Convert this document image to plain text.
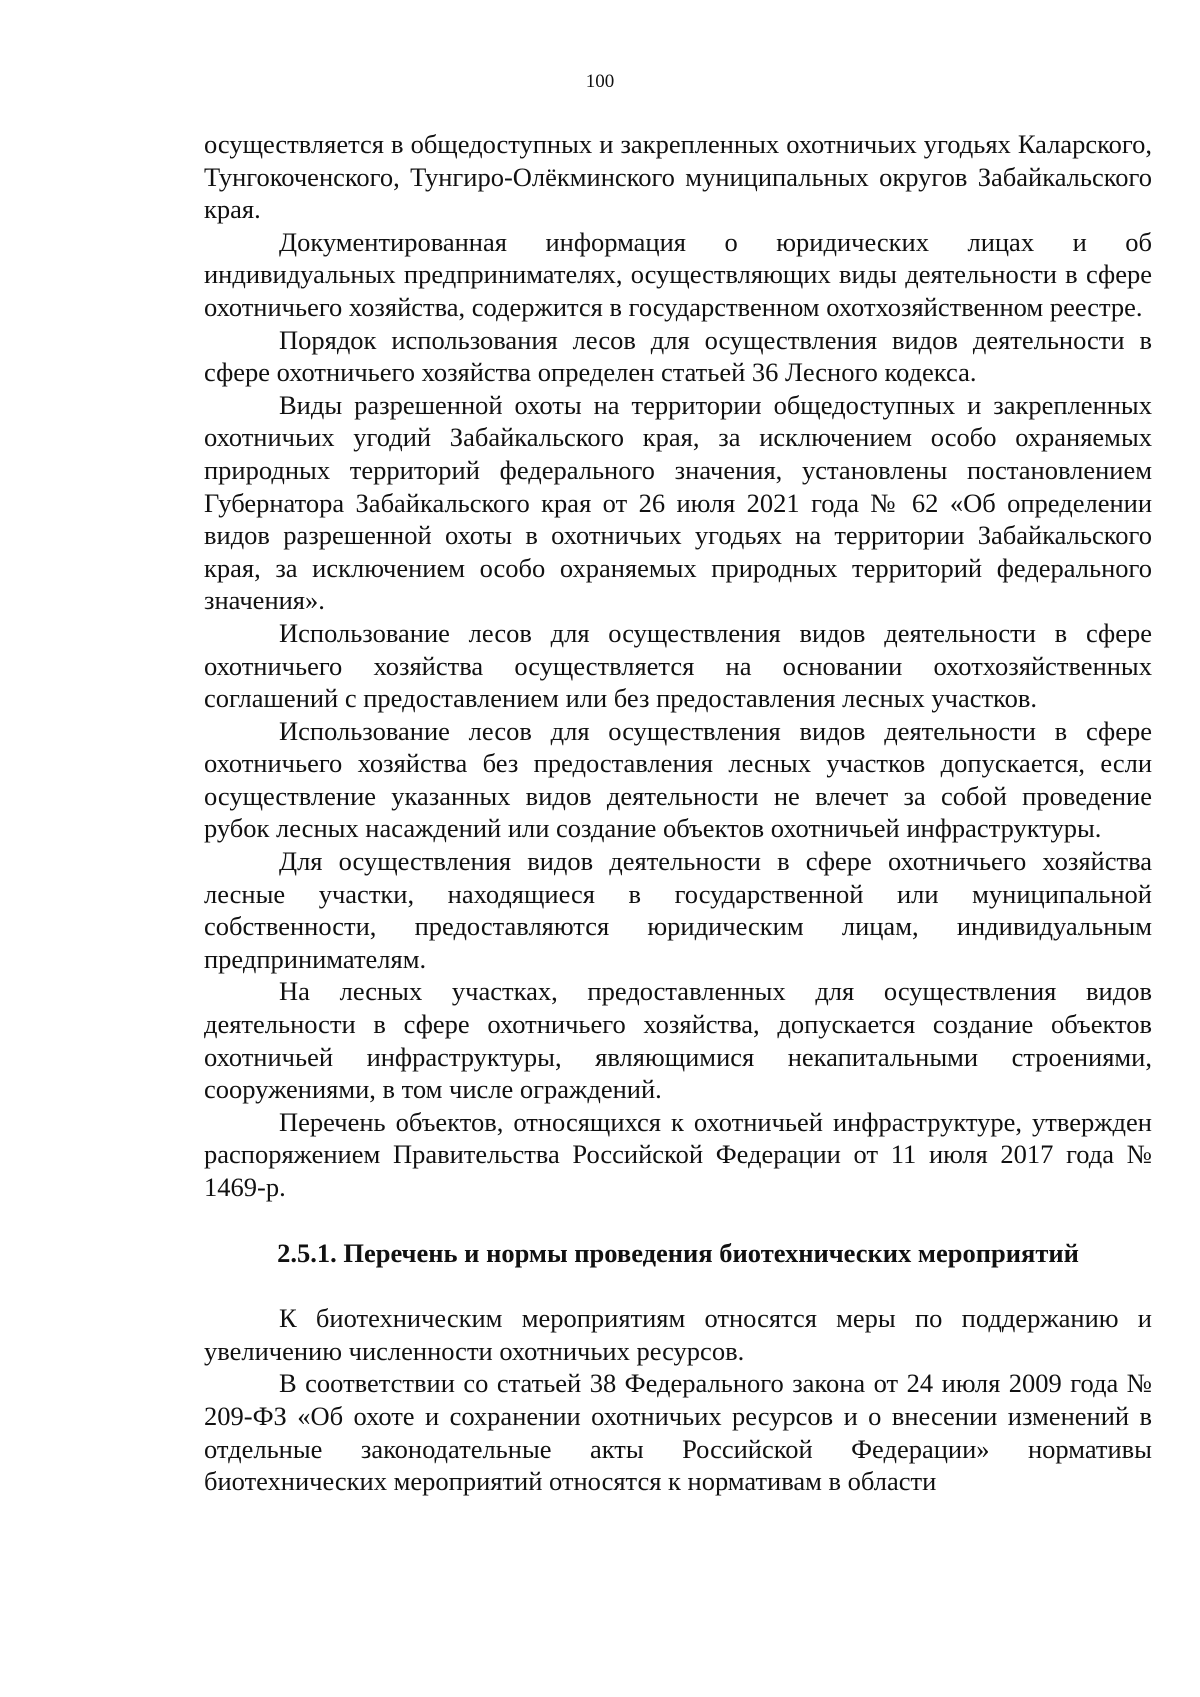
100

осуществляется в общедоступных и закрепленных охотничьих угодьях Каларского, Тунгокоченского, Тунгиро-Олёкминского муниципальных округов Забайкальского края.

Документированная информация о юридических лицах и об индивидуальных предпринимателях, осуществляющих виды деятельности в сфере охотничьего хозяйства, содержится в государственном охотхозяйственном реестре.

Порядок использования лесов для осуществления видов деятельности в сфере охотничьего хозяйства определен статьей 36 Лесного кодекса.

Виды разрешенной охоты на территории общедоступных и закрепленных охотничьих угодий Забайкальского края, за исключением особо охраняемых природных территорий федерального значения, установлены постановлением Губернатора Забайкальского края от 26 июля 2021 года № 62 «Об определении видов разрешенной охоты в охотничьих угодьях на территории Забайкальского края, за исключением особо охраняемых природных территорий федерального значения».

Использование лесов для осуществления видов деятельности в сфере охотничьего хозяйства осуществляется на основании охотхозяйственных соглашений с предоставлением или без предоставления лесных участков.

Использование лесов для осуществления видов деятельности в сфере охотничьего хозяйства без предоставления лесных участков допускается, если осуществление указанных видов деятельности не влечет за собой проведение рубок лесных насаждений или создание объектов охотничьей инфраструктуры.

Для осуществления видов деятельности в сфере охотничьего хозяйства лесные участки, находящиеся в государственной или муниципальной собственности, предоставляются юридическим лицам, индивидуальным предпринимателям.

На лесных участках, предоставленных для осуществления видов деятельности в сфере охотничьего хозяйства, допускается создание объектов охотничьей инфраструктуры, являющимися некапитальными строениями, сооружениями, в том числе ограждений.

Перечень объектов, относящихся к охотничьей инфраструктуре, утвержден распоряжением Правительства Российской Федерации от 11 июля 2017 года № 1469-р.

2.5.1. Перечень и нормы проведения биотехнических мероприятий

К биотехническим мероприятиям относятся меры по поддержанию и увеличению численности охотничьих ресурсов.

В соответствии со статьей 38 Федерального закона от 24 июля 2009 года № 209-ФЗ «Об охоте и сохранении охотничьих ресурсов и о внесении изменений в отдельные законодательные акты Российской Федерации» нормативы биотехнических мероприятий относятся к нормативам в области
